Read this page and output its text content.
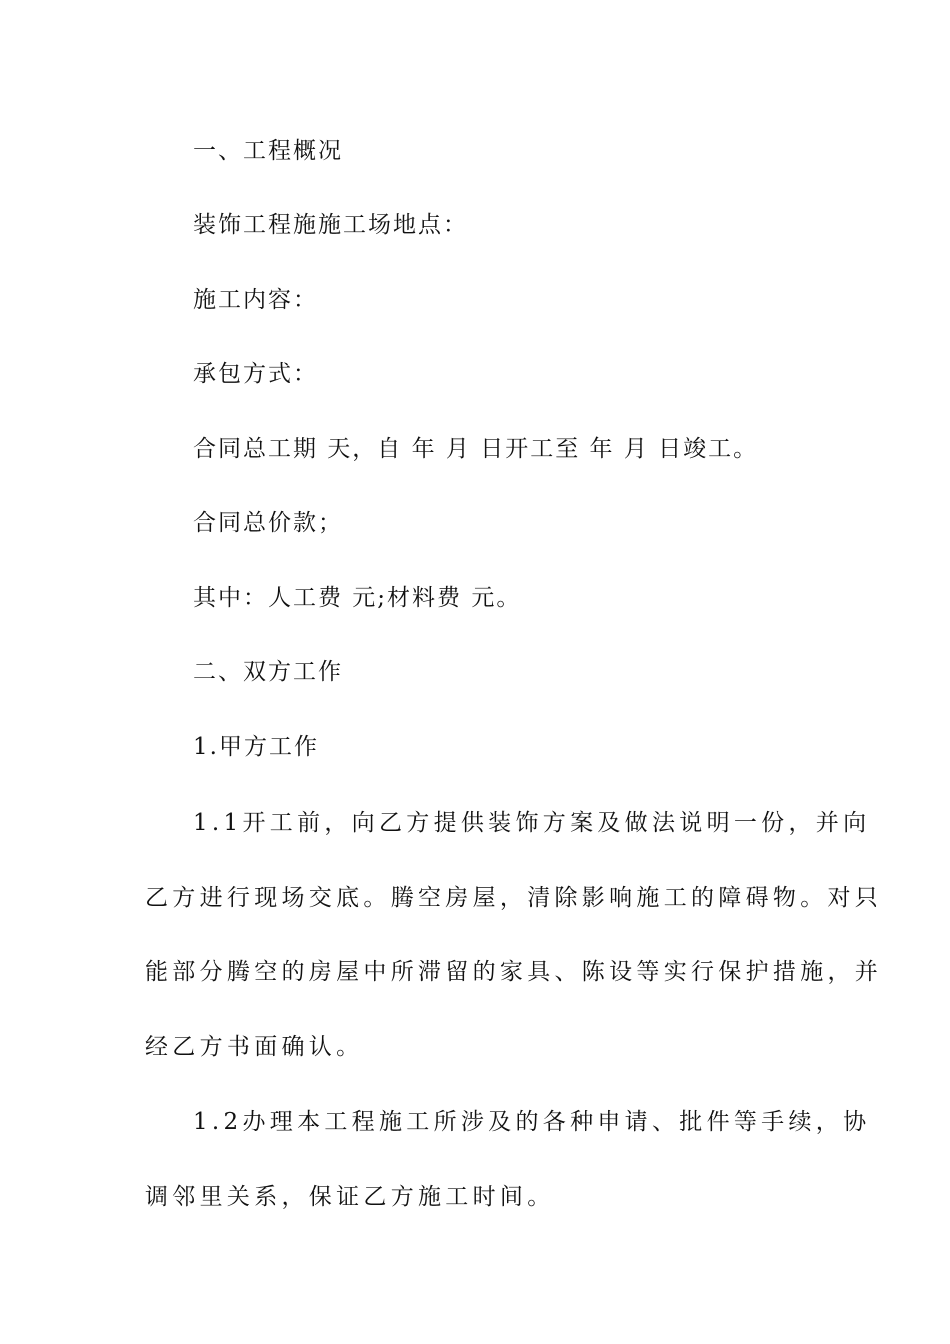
一、工程概况
装饰工程施施工场地点：
施工内容：
承包方式：
合同总工期 天，自 年 月 日开工至 年 月 日竣工。
合同总价款；
其中：人工费 元;材料费 元。
二、双方工作
1.甲方工作
1.1开工前，向乙方提供装饰方案及做法说明一份，并向
乙方进行现场交底。腾空房屋，清除影响施工的障碍物。对只
能部分腾空的房屋中所滞留的家具、陈设等实行保护措施，并
经乙方书面确认。
1.2办理本工程施工所涉及的各种申请、批件等手续，协
调邻里关系，保证乙方施工时间。
